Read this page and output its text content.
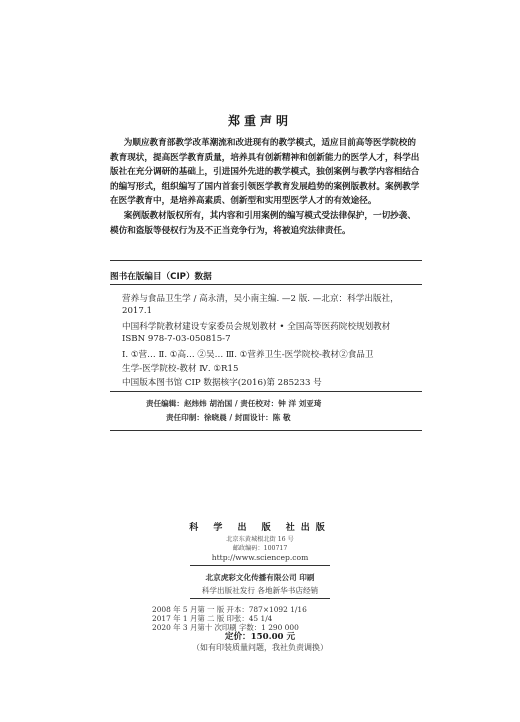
郑重声明

为顺应教育部教学改革潮流和改进现有的教学模式，适应目前高等医学院校的教育现状，提高医学教育质量，培养具有创新精神和创新能力的医学人才，科学出版社在充分调研的基础上，引进国外先进的教学模式，独创案例与教学内容相结合的编写形式，组织编写了国内首套引领医学教育发展趋势的案例版教材。案例教学在医学教育中，是培养高素质、创新型和实用型医学人才的有效途径。

案例版教材版权所有，其内容和引用案例的编写模式受法律保护，一切抄袭、模仿和盗版等侵权行为及不正当竞争行为，将被追究法律责任。

图书在版编目（CIP）数据
营养与食品卫生学 / 高永清，吴小南主编. —2 版. —北京：科学出版社，
2017.1
中国科学院教材建设专家委员会规划教材 • 全国高等医药院校规划教材
ISBN 978-7-03-050815-7
Ⅰ. ①营… Ⅱ. ①高… ②吴… Ⅲ. ①营养卫生-医学院校-教材②食品卫
生学-医学院校-教材 Ⅳ. ①R15
中国版本图书馆 CIP 数据核字(2016)第 285233 号
责任编辑：赵炜炜 胡治国 / 责任校对：钟 洋 刘亚琦
责任印制：徐晓晨 / 封面设计：陈 敬
科 学 出 版 社出版
北京东黄城根北街 16 号
邮政编码：100717
http://www.sciencep.com
北京虎彩文化传播有限公司 印刷
科学出版社发行 各地新华书店经销
2008 年 5 月第 一 版 开本：787×1092 1/16
2017 年 1 月第 二 版 印张：45 1/4
2020 年 3 月第十 次印刷 字数：1 290 000
定价：150.00 元
（如有印装质量问题，我社负责调换）
